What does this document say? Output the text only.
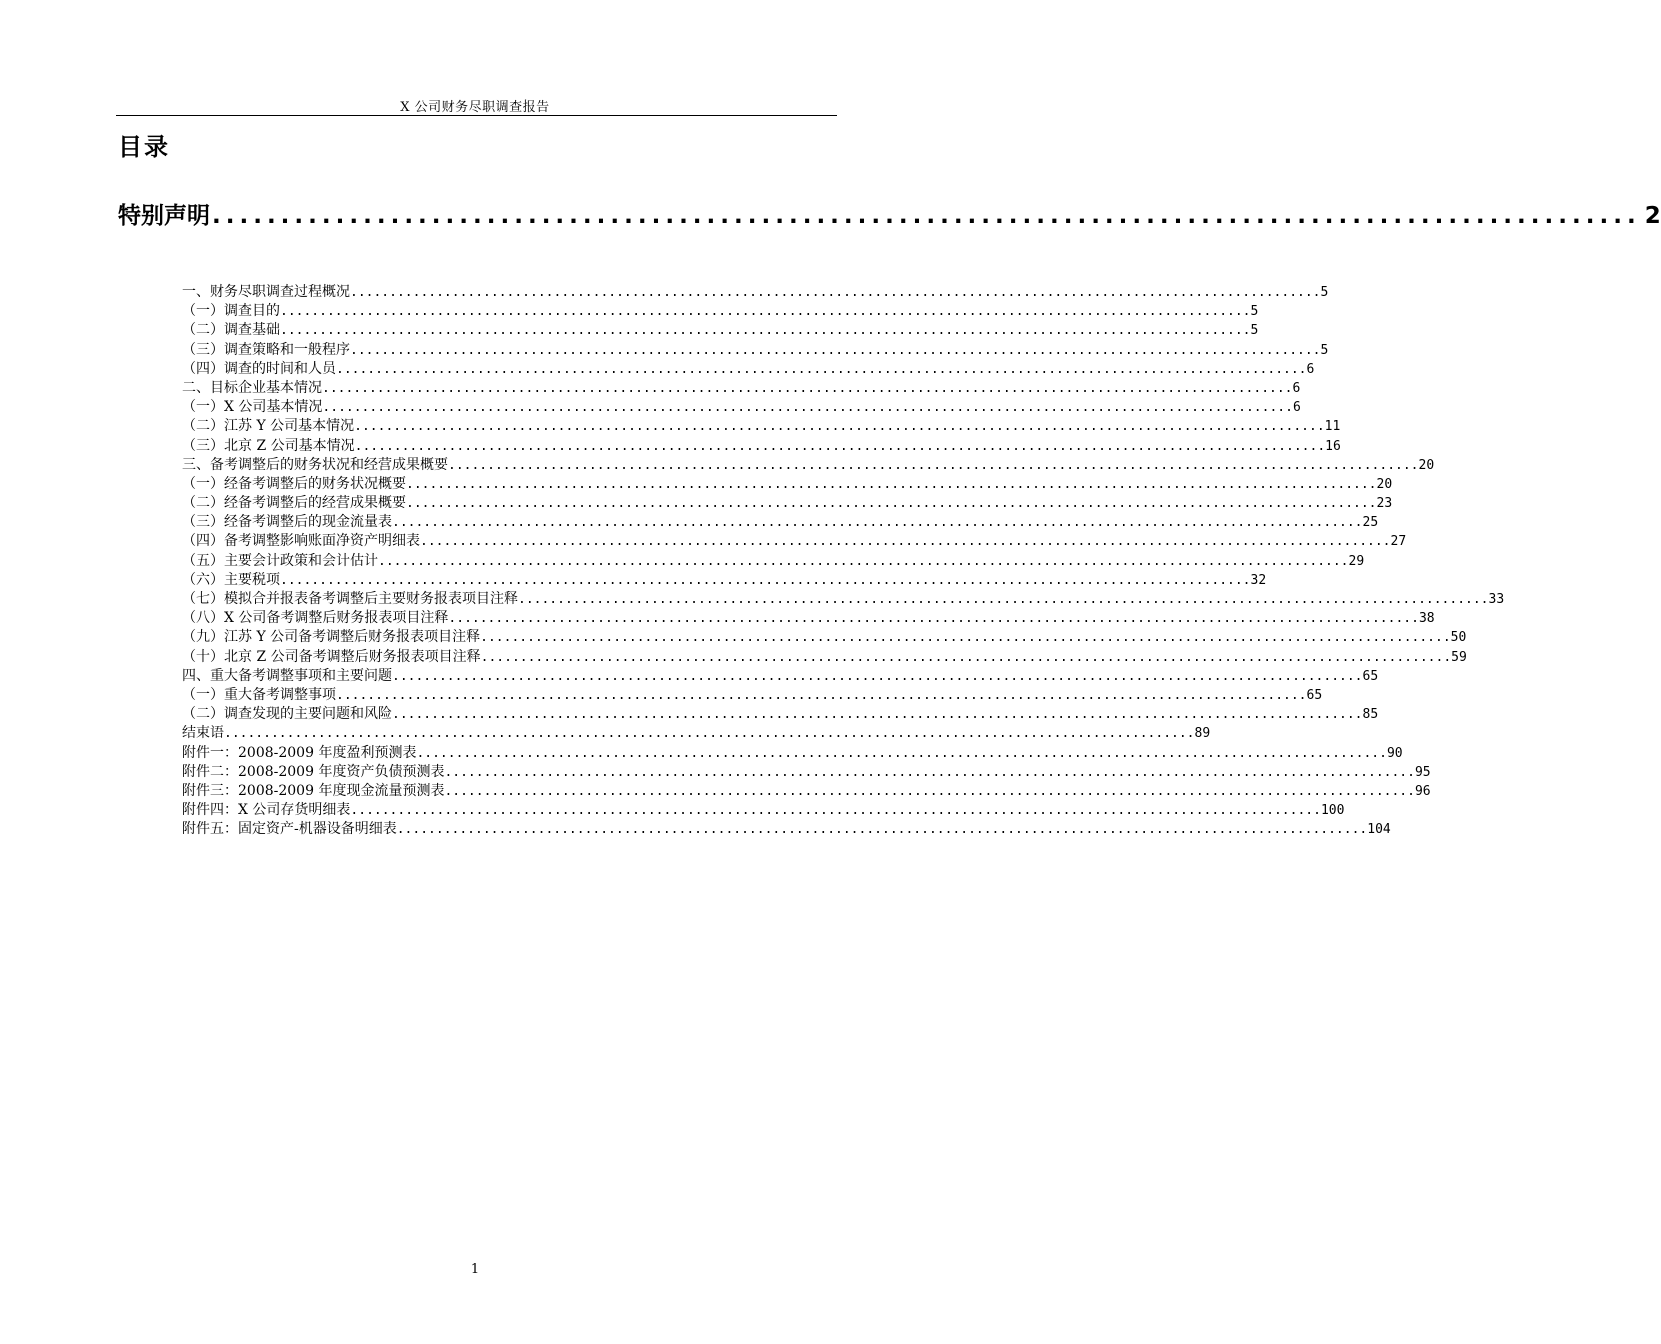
X 公司财务尽职调查报告
目录
特别声明 ........................................................................................................ 2
一、财务尽职调查过程概况 ............................................................................................................................ 5
（一）调查目的 ............................................................................................................................ 5
（二）调查基础 ............................................................................................................................ 5
（三）调查策略和一般程序 ............................................................................................................................ 5
（四）调查的时间和人员 ............................................................................................................................ 6
二、目标企业基本情况 ............................................................................................................................ 6
（一）X 公司基本情况 ............................................................................................................................ 6
（二）江苏 Y 公司基本情况 ............................................................................................................................ 11
（三）北京 Z 公司基本情况 ............................................................................................................................ 16
三、备考调整后的财务状况和经营成果概要 ............................................................................................................................ 20
（一）经备考调整后的财务状况概要 ............................................................................................................................ 20
（二）经备考调整后的经营成果概要 ............................................................................................................................ 23
（三）经备考调整后的现金流量表 ............................................................................................................................ 25
（四）备考调整影响账面净资产明细表 ............................................................................................................................ 27
（五）主要会计政策和会计估计 ............................................................................................................................ 29
（六）主要税项 ............................................................................................................................ 32
（七）模拟合并报表备考调整后主要财务报表项目注释 ............................................................................................................................ 33
（八）X 公司备考调整后财务报表项目注释 ............................................................................................................................ 38
（九）江苏 Y 公司备考调整后财务报表项目注释 ............................................................................................................................ 50
（十）北京 Z 公司备考调整后财务报表项目注释 ............................................................................................................................ 59
四、重大备考调整事项和主要问题 ............................................................................................................................ 65
（一）重大备考调整事项 ............................................................................................................................ 65
（二）调查发现的主要问题和风险 ............................................................................................................................ 85
结束语 ............................................................................................................................ 89
附件一：2008-2009 年度盈利预测表 ............................................................................................................................ 90
附件二：2008-2009 年度资产负债预测表 ............................................................................................................................ 95
附件三：2008-2009 年度现金流量预测表 ............................................................................................................................ 96
附件四：X 公司存货明细表 ............................................................................................................................ 100
附件五：固定资产-机器设备明细表 ............................................................................................................................ 104
1
